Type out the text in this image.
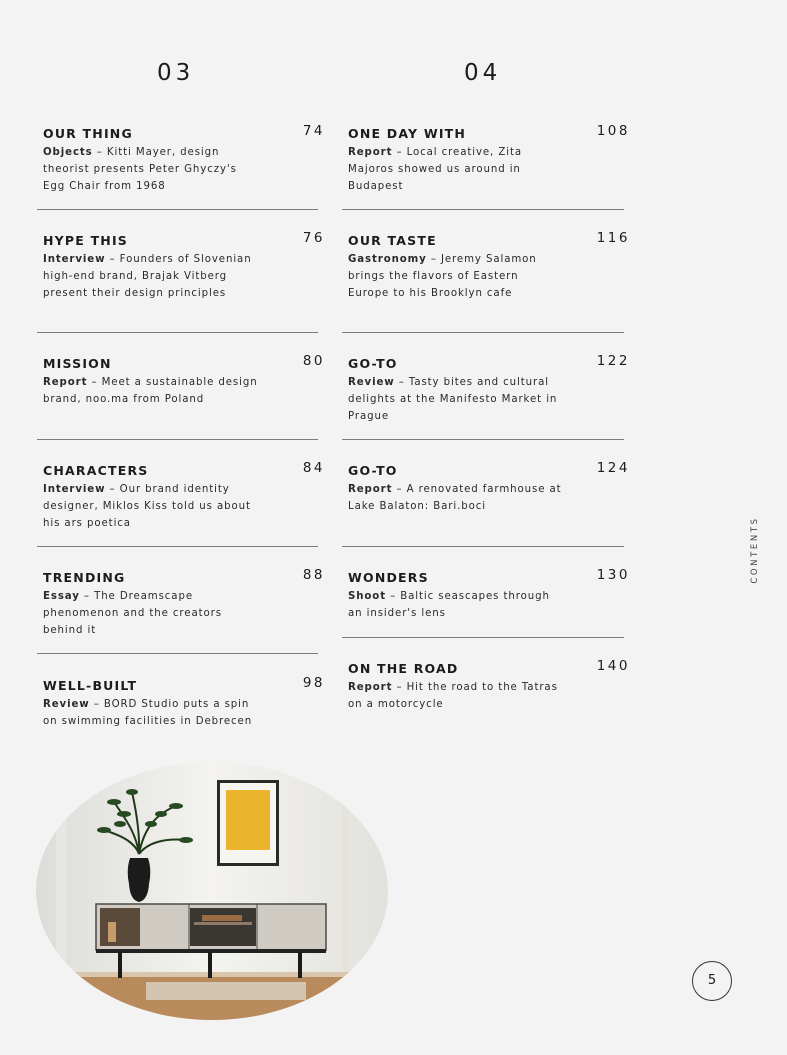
03
OUR THING	74
Objects – Kitti Mayer, design theorist presents Peter Ghyczy's Egg Chair from 1968
HYPE THIS	76
Interview – Founders of Slovenian high-end brand, Brajak Vitberg present their design principles
MISSION	80
Report – Meet a sustainable design brand, noo.ma from Poland
CHARACTERS	84
Interview – Our brand identity designer, Miklos Kiss told us about his ars poetica
TRENDING	88
Essay – The Dreamscape phenomenon and the creators behind it
WELL-BUILT	98
Review – BORD Studio puts a spin on swimming facilities in Debrecen
04
ONE DAY WITH	108
Report – Local creative, Zita Majoros showed us around in Budapest
OUR TASTE	116
Gastronomy – Jeremy Salamon brings the flavors of Eastern Europe to his Brooklyn cafe
GO-TO	122
Review – Tasty bites and cultural delights at the Manifesto Market in Prague
GO-TO	124
Report – A renovated farmhouse at Lake Balaton: Bari.boci
WONDERS	130
Shoot – Baltic seascapes through an insider's lens
ON THE ROAD	140
Report – Hit the road to the Tatras on a motorcycle
CONTENTS
5
